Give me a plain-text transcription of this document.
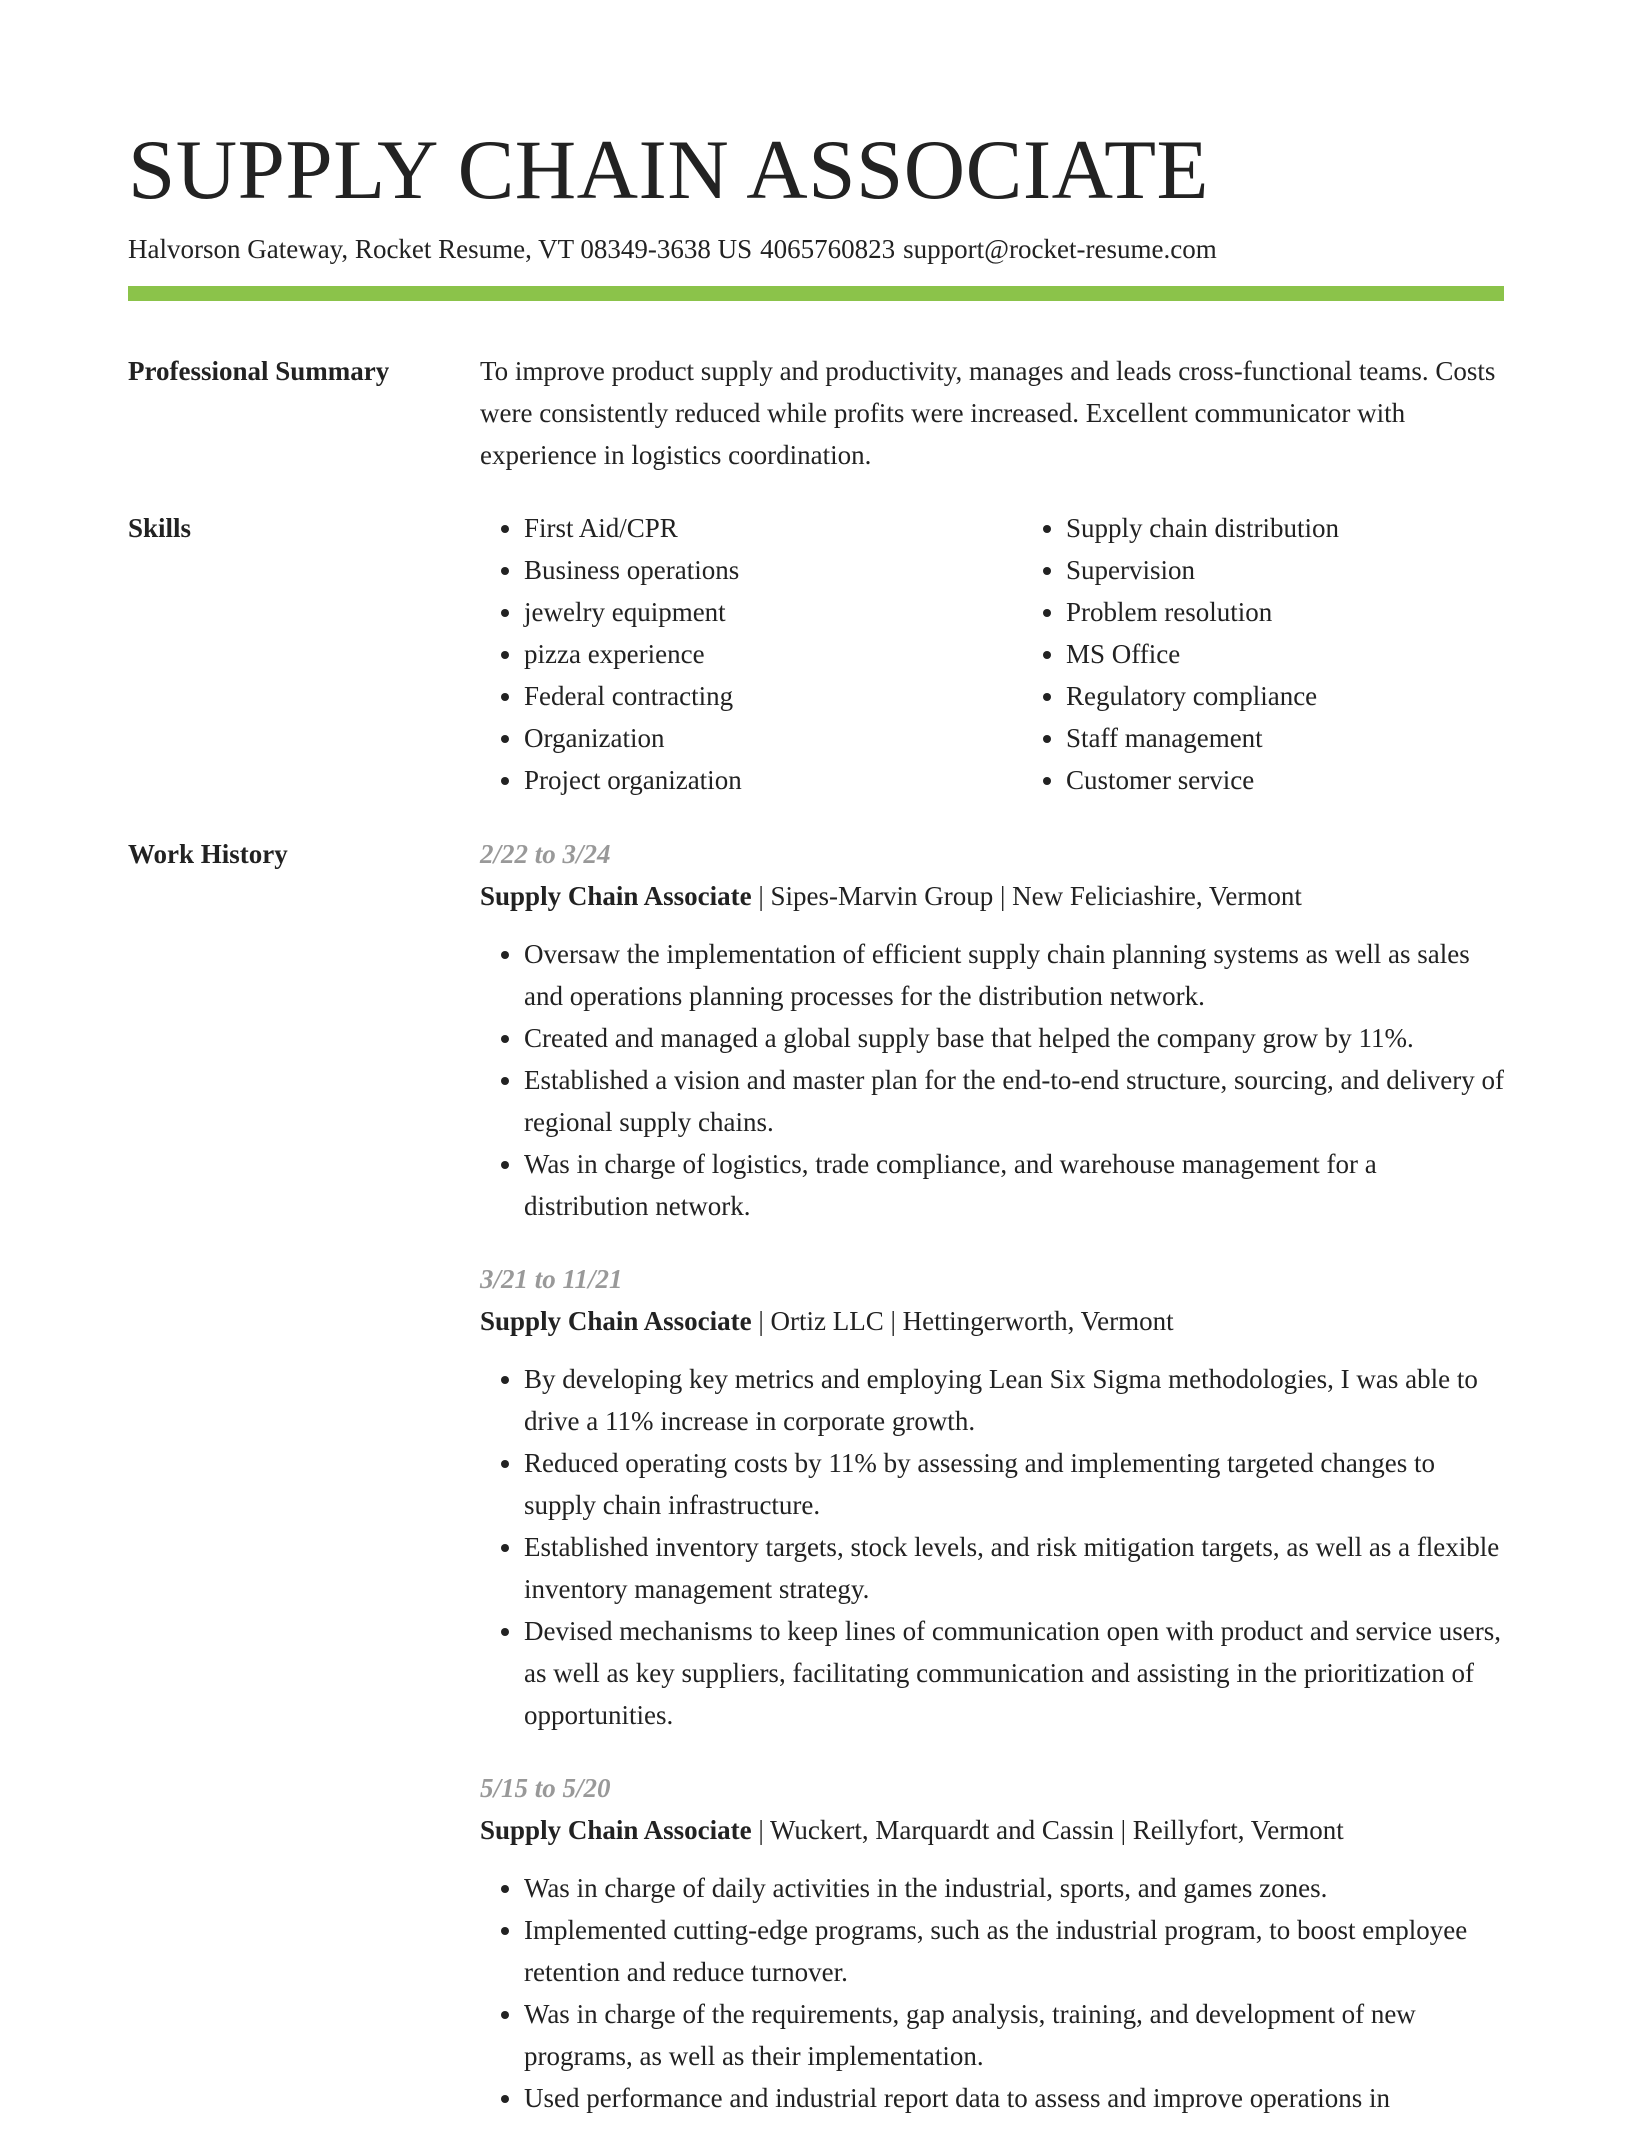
SUPPLY CHAIN ASSOCIATE
Halvorson Gateway, Rocket Resume, VT 08349-3638 US 4065760823 support@rocket-resume.com
Professional Summary	To improve product supply and productivity, manages and leads cross-functional teams. Costs were consistently reduced while profits were increased. Excellent communicator with experience in logistics coordination.

Skills
•	First Aid/CPR
• Business operations
• jewelry equipment
• pizza experience
• Federal contracting
• Organization
• Project organization
• Supply chain distribution
• Supervision
• Problem resolution
• MS Office
• Regulatory compliance
• Staff management
• Customer service
Work History	2/22 to 3/24
Supply Chain Associate | Sipes-Marvin Group | New Feliciashire, Vermont
• Oversaw the implementation of efficient supply chain planning systems as well as sales and operations planning processes for the distribution network.
• Created and managed a global supply base that helped the company grow by 11%.
• Established a vision and master plan for the end-to-end structure, sourcing, and delivery of regional supply chains.
• Was in charge of logistics, trade compliance, and warehouse management for a distribution network.
3/21 to 11/21
Supply Chain Associate | Ortiz LLC | Hettingerworth, Vermont
• By developing key metrics and employing Lean Six Sigma methodologies, I was able to drive a 11% increase in corporate growth.
• Reduced operating costs by 11% by assessing and implementing targeted changes to supply chain infrastructure.
• Established inventory targets, stock levels, and risk mitigation targets, as well as a flexible inventory management strategy.
• Devised mechanisms to keep lines of communication open with product and service users, as well as key suppliers, facilitating communication and assisting in the prioritization of opportunities.
5/15 to 5/20
Supply Chain Associate | Wuckert, Marquardt and Cassin | Reillyfort, Vermont
• Was in charge of daily activities in the industrial, sports, and games zones.
• Implemented cutting-edge programs, such as the industrial program, to boost employee retention and reduce turnover.
• Was in charge of the requirements, gap analysis, training, and development of new programs, as well as their implementation.
• Used performance and industrial report data to assess and improve operations in
